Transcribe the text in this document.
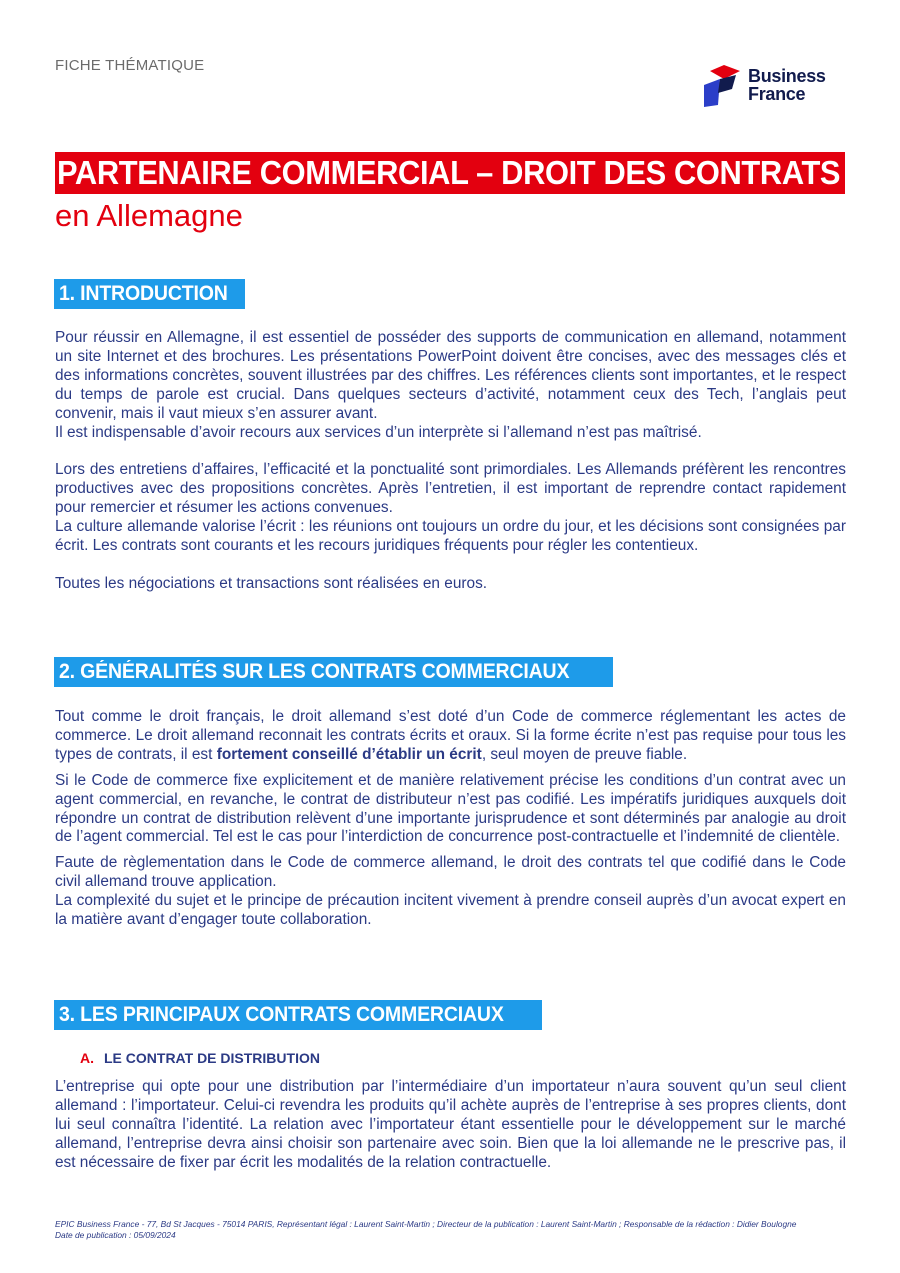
FICHE THÉMATIQUE
Business
France
PARTENAIRE COMMERCIAL – DROIT DES CONTRATS
en Allemagne
1. INTRODUCTION

Pour réussir en Allemagne, il est essentiel de posséder des supports de communication en allemand, notamment un site Internet et des brochures. Les présentations PowerPoint doivent être concises, avec des messages clés et des informations concrètes, souvent illustrées par des chiffres. Les références clients sont importantes, et le respect du temps de parole est crucial. Dans quelques secteurs d’activité, notamment ceux des Tech, l’anglais peut convenir, mais il vaut mieux s’en assurer avant.

Il est indispensable d’avoir recours aux services d’un interprète si l’allemand n’est pas maîtrisé.

Lors des entretiens d’affaires, l’efficacité et la ponctualité sont primordiales. Les Allemands préfèrent les rencontres productives avec des propositions concrètes. Après l’entretien, il est important de reprendre contact rapidement pour remercier et résumer les actions convenues.

La culture allemande valorise l’écrit : les réunions ont toujours un ordre du jour, et les décisions sont consignées par écrit. Les contrats sont courants et les recours juridiques fréquents pour régler les contentieux.

Toutes les négociations et transactions sont réalisées en euros.

2. GÉNÉRALITÉS SUR LES CONTRATS COMMERCIAUX

Tout comme le droit français, le droit allemand s’est doté d’un Code de commerce réglementant les actes de commerce. Le droit allemand reconnait les contrats écrits et oraux. Si la forme écrite n’est pas requise pour tous les types de contrats, il est fortement conseillé d’établir un écrit, seul moyen de preuve fiable.

Si le Code de commerce fixe explicitement et de manière relativement précise les conditions d’un contrat avec un agent commercial, en revanche, le contrat de distributeur n’est pas codifié. Les impératifs juridiques auxquels doit répondre un contrat de distribution relèvent d’une importante jurisprudence et sont déterminés par analogie au droit de l’agent commercial. Tel est le cas pour l’interdiction de concurrence post-contractuelle et l’indemnité de clientèle.

Faute de règlementation dans le Code de commerce allemand, le droit des contrats tel que codifié dans le Code civil allemand trouve application.

La complexité du sujet et le principe de précaution incitent vivement à prendre conseil auprès d’un avocat expert en la matière avant d’engager toute collaboration.

3. LES PRINCIPAUX CONTRATS COMMERCIAUX
A. LE CONTRAT DE DISTRIBUTION

L’entreprise qui opte pour une distribution par l’intermédiaire d’un importateur n’aura souvent qu’un seul client allemand : l’importateur. Celui-ci revendra les produits qu’il achète auprès de l’entreprise à ses propres clients, dont lui seul connaîtra l’identité. La relation avec l’importateur étant essentielle pour le développement sur le marché allemand, l’entreprise devra ainsi choisir son partenaire avec soin. Bien que la loi allemande ne le prescrive pas, il est nécessaire de fixer par écrit les modalités de la relation contractuelle.

EPIC Business France - 77, Bd St Jacques - 75014 PARIS, Représentant légal : Laurent Saint-Martin ; Directeur de la publication : Laurent Saint-Martin ; Responsable de la rédaction : Didier Boulogne
Date de publication : 05/09/2024
